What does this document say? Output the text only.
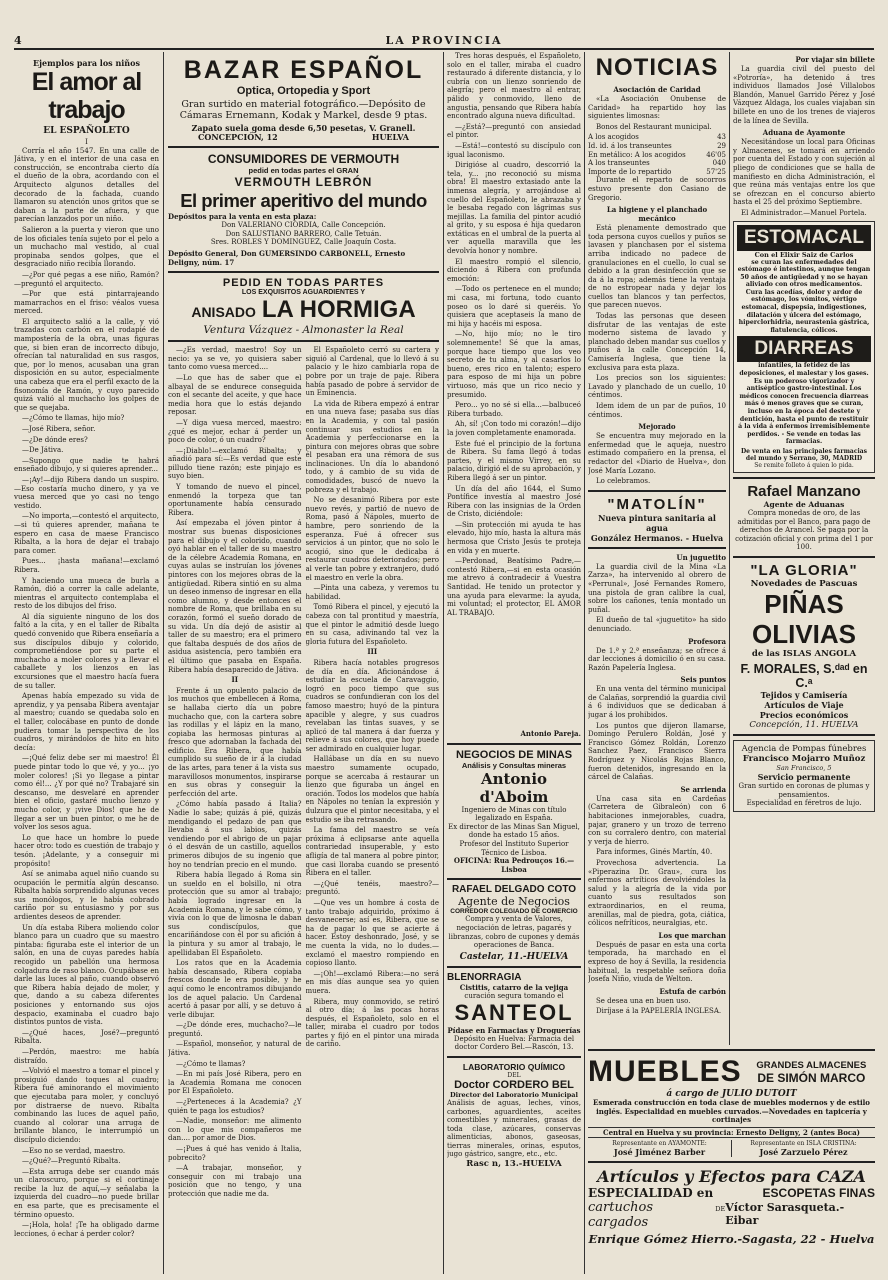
4	LA PROVINCIA
Ejemplos para los niños
El amor al trabajo
EL ESPAÑOLETO
I

Corría el año 1547. En una calle de Játiva, y en el interior de una casa en construcción, se encontraba cierto día el dueño de la obra, acordando con el Arquitecto algunos detalles del decorado de la fachada, cuando llamaron su atención unos gritos que se daban a la parte de afuera, y que parecían lanzados por un niño.

Salieron a la puerta y vieron que uno de los oficiales tenía sujeto por el pelo a un muchacho mal vestido, al cual propinaba sendos golpes, que el desgraciado niño recibía llorando.

—¿Por qué pegas a ese niño, Ramón? —preguntó el arquitecto.

—Por que está pintarrajeando mamarrachos en el friso: véalos vuesa merced.

El arquitecto salió a la calle, y vió trazadas con carbón en el rodapié de mampostería de la obra, unas figuras que, si bien eran de incorrecto dibujo, ofrecían tal naturalidad en sus rasgos, que, por lo menos, acusaban una gran disposición en su autor, especialmente una cabeza que era el perfil exacto de la fisonomía de Ramón, y cuyo parecido quizá valió al muchacho los golpes de que se quejaba.

—¿Cómo te llamas, hijo mío?

—José Ribera, señor.

—¿De dónde eres?

—De Játiva.

—Supongo que nadie te habrá enseñado dibujo, y si quieres aprender...

—¡Ay!—dijo Ribera dando un suspiro.—Eso costaría mucho dinero, y ya ve vuesa merced que yo casi no tengo vestido.

—No importa,—contestó el arquitecto,—si tú quieres aprender, mañana te espero en casa de maese Francisco Ribalta, a la hora de dejar el trabajo para comer.

Pues... ¡hasta mañana!—exclamó Ribera.

Y haciendo una mueca de burla a Ramón, dió a correr la calle adelante, mientras el arquitecto contemplaba el resto de los dibujos del friso.

Al día siguiente ninguno de los dos faltó a la cita, y en el taller de Ribalta quedó convenido que Ribera enseñaría a sus discípulos dibujo y colorido, comprometiéndose por su parte el muchacho a moler colores y a llevar el caballete y los lienzos en las excursiones que el maestro hacía fuera de su taller.

Apenas había empezado su vida de aprendiz, y ya pensaba Ribera aventajar al maestro; cuando se quedaba solo en el taller, colocábase en punto de donde pudiera tomar la perspectiva de los cuadros, y mirándolos de hito en hito decía:

—¡Qué feliz debe ser mi maestro! Él puede pintar todo lo que vé, y yo... ¡yo moler colores! ¡Si yo llegase a pintar como él!... ¿Y por qué no? Trabajaré sin descanso, me desvelaré en aprender bien el oficio, gastaré mucho lienzo y mucho color, y ¡vive Dios! que he de llegar a ser un buen pintor, o me he de volver los sesos agua.

Lo que hace un hombre lo puede hacer otro: todo es cuestión de trabajo y tesón. ¡Adelante, y a conseguir mi propósito!

Así se animaba aquel niño cuando su ocupación le permitía algún descanso. Ribalta había sorprendido algunas veces sus monólogos, y le había cobrado cariño por su entusiasmo y por sus ardientes deseos de aprender.

Un día estaba Ribera moliendo color blanco para un cuadro que su maestro pintaba: figuraba este el interior de un salón, en una de cuyas paredes había recogido un pabellón una hermosa colgadura de raso blanco. Ocupábase en darle las luces al paño, cuando observó que Ribera había dejado de moler, y que, dando a su cabeza diferentes posiciones y entornando sus ojos despacio, examinaba el cuadro bajo distintos puntos de vista.

—¿Qué haces, José?—preguntó Ribalta.

—Perdón, maestro: me había distraído.

—Volvió el maestro a tomar el pincel y prosiguió dando toques al cuadro; Ribera fué aminorando el movimiento que ejecutaba para moler, y concluyó por distraerse de nuevo. Ribalta combinando las luces de aquel paño, cuando al colorar una arruga de brillante blanco, le interrumpió un discípulo diciendo:

—Eso no se verdad, maestro.

—¿Qué?—Preguntó Ribalta.

—Esta arruga debe ser cuando más un claroscuro, porque si el cortinaje recibe la luz de aquí,—y señalaba la izquierda del cuadro—no puede brillar en esa parte, que es precisamente el término opuesto.

—¡Hola, hola! ¡Te ha obligado darme lecciones, ó echar á perder color?

BAZAR ESPAÑOL
Optica, Ortopedia y Sport
Gran surtido en material fotográfico.—Depósito de Cámaras Ernemann, Kodak y Markel, desde 9 ptas.
Zapato suela goma desde 6,50 pesetas, V. Granell.
CONCEPCIÓN, 12	HUELVA
CONSUMIDORES DE VERMOUTH
pedid en todas partes el GRAN
VERMOUTH LEBRÓN
El primer aperitivo del mundo
Depósitos para la venta en esta plaza:
Don VALERIANO CIORDIA, Calle Concepción.
Don SALUSTIANO BARRERO, Calle Tetuán.
Sres. ROBLES Y DOMINGUEZ, Calle Joaquín Costa.
Depósito General, Don GUMERSINDO CARBONELL, Ernesto Deligny, núm. 17
PEDID EN TODAS PARTES
LOS EXQUISITOS AGUARDIENTES Y
ANISADO LA HORMIGA
Ventura Vázquez - Almonaster la Real

—¿Es verdad, maestro! Soy un necio: ya se ve, yo quisiera saber tanto como vuesa merced....

—Lo que has de saber que el albayal de se endurece conseguida con el secante del aceite, y que hace media hora que lo estás dejando reposar.

—Y diga vuesa merced, maestro: ¿qué es mejor, echar á perder un poco de color, ó un cuadro?

—¡Diablo!—exclamó Ribalta; y añadió para sí:—Es verdad que este pilludo tiene razón; este pinjajo es suyo bien.

Y tomando de nuevo el pincel, enmendó la torpeza que tan oportunamente había censurado Ribera.

Así empezaba el jóven pintor á mostrar sus buenas disposiciones para el dibujo y el colorido, cuando oyó hablar en el taller de su maestro de la célebre Academia Romana, en cuyas aulas se instruían los jóvenes pintores con los mejores obras de la antigüedad. Ribera sintió en su alma un deseo inmenso de ingresar en ella como alumno, y desde entonces el nombre de Roma, que brillaba en su corazón, formó el sueño dorado de su vida. Un día dejó de asistir al taller de su maestro; era el primero que faltaba después de dos años de asidua asistencia, pero también era el último que pasaba en España. Ribera había desaparecido de Játiva.

II

Frente á un opulento palacio de los muchos que embellecen á Roma, se hallaba cierto día un pobre muchacho que, con la cartera sobre las rodillas y el lápiz en la mano, copiaba las hermosas pinturas al fresco que adornaban la fachada del edificio. Era Ribera, que había cumplido su sueño de ir á la ciudad de las artes, para tener á la vista sus maravillosos monumentos, inspirarse en sus obras y conseguir la perfección del arte.

¿Cómo había pasado á Italia? Nadie lo sabe; quizás á pié, quizás mendigando el pedazo de pan que llevaba á sus labios, quizás vendiendo por el abrigo de un pajar ó el desván de un castillo, aquellos primeros dibujos de su ingenio que hoy no tendrían precio en el mundo.

Ribera había llegado á Roma sin un sueldo en el bolsillo, ni otra protección que su amor al trabajo; había logrado ingresar en la Academia Romana, y le sabe cómo, y vivía con lo que de limosna le daban sus condiscípulos, que encariñándose con él por su afición á la pintura y su amor al trabajo, le apellidaban El Españoleto.

Los ratos que en la Academia había descansado, Ribera copiaba frescos donde le era posible, y he aquí como le encontramos dibujando los de aquel palacio. Un Cardenal acertó á pasar por allí, y se detuvo á verle dibujar.

—¿De dónde eres, muchacho?—le preguntó.

—Español, monseñor, y natural de Játiva.

—¿Cómo te llamas?

—En mi país José Ribera, pero en la Academia Romana me conocen por El Españoleto.

—¿Perteneces á la Academia? ¿Y quién te paga los estudios?

—Nadie, monseñor: me alimento con lo que mis compañeros me dan.... por amor de Dios.

—¡Pues á qué has venido á Italia, pobrecito?

—A trabajar, monseñor, y conseguir con mi trabajo una posición que no tengo, y una protección que nadie me da.

El Españoleto cerró su cartera y siguió al Cardenal, que lo llevó á su palacio y le hizo cambiarla ropa de pobre por un traje de paje. Ribera había pasado de pobre á servidor de un Eminencia.

La vida de Ribera empezó á entrar en una nueva fase; pasaba sus días en la Academia, y con tal pasión continuar sus estudios en la Academia y perfeccionarse en la pintura con mejores obras que sobre él pesaban era una rémora de sus inclinaciones. Un día lo abandonó todo, y á cambio de su vida de comodidades, buscó de nuevo la pobreza y el trabajo.

No se desanimó Ribera por este nuevo revés, y partió de nuevo de Roma, pasó á Nápoles, muerto de hambre, pero sonriendo de la esperanza. Fué á ofrecer sus servicios á un pintor, que no solo le acogió, sino que le dedicaba á restaurar cuadros deteriorados; pero al verle tan pobre y extranjero, dudó el maestro en verle la obra.

—Pinta una cabeza, y veremos tu habilidad.

Tomó Ribera el pincel, y ejecutó la cabeza con tal prontitud y maestría, que el pintor le admitió desde luego en su casa, adivinando tal vez la gloria futura del Españoleto.

III

Ribera hacía notables progresos de día en día. Aficionándose á estudiar la escuela de Caravaggio, logró en poco tiempo que sus cuadros se confundieran con los del famoso maestro; huyó de la pintura apacible y alegre, y sus cuadros revelaban las tintas suaves, y se aplicó de tal manera á dar fuerza y relieve á sus colores, que hoy puede ser admirado en cualquier lugar.

Hallábase un día en su nuevo maestro sumamente ocupado, porque se acercaba á restaurar un lienzo que figuraba un ángel en oración. Todos los modelos que había en Nápoles no tenían la expresión y dulzura que el pintor necesitaba, y el estudio se iba retrasando.

La fama del maestro se veía próxima á eclipsarse ante aquella contrariedad insuperable, y esto afligía de tal manera al pobre pintor, que casi lloraba cuando se presentó Ribera en el taller.

—¿Qué tenéis, maestro?—preguntó.

—Que ves un hombre á costa de tanto trabajo adquirido, próximo á desvanecerse; así es, Ribera, que se ha de pagar lo que se acierte á hacer. Estoy deshonrado, José, y se me cuenta la vida, no lo dudes.—exclamó el maestro rompiendo en copioso llanto.

—¡Oh!—exclamó Ribera:—no será en mis días aunque sea yo quien muera.

Ribera, muy conmovido, se retiró al otro día; á las pocas horas después, el Españoleto, solo en el taller, miraba el cuadro por todos partes y fijó en el pintor una mirada de cariño.

Tres horas después, el Españoleto, solo en el taller, miraba el cuadro restaurado á diferente distancia, y lo cubría con un lienzo sonriendo de alegría; pero el maestro al entrar, pálido y conmovido, lleno de angustia, pensando que Ribera había encontrado alguna nueva dificultad.

—¿Está?—preguntó con ansiedad el pintor.

—Está!—contestó su discípulo con igual laconismo.

Dirigióse al cuadro, descorrió la tela, y... ¡no reconoció su misma obra! El maestro extasiado ante la inmensa alegría, y arrojándose al cuello del Españoleto, le abrazaba y le besaba regado con lágrimas sus mejillas. La familia del pintor acudió al grito, y su esposa é hija quedaron extáticas en el umbral de la puerta al ver aquella maravilla que les devolvía honor y nombre.

El maestro rompió el silencio, diciendo á Ribera con profunda emoción:

—Todo os pertenece en el mundo; mi casa, mi fortuna, todo cuanto poseo os lo daré si queréis. Yo quisiera que aceptaseis la mano de mi hija y hacéis mi esposa.

—No, hijo mío; no le tiro solemnemente! Sé que la amas, porque hace tiempo que los veo secreto de tu alma, y al casarlos lo bueno, eres rico en talento; espero para esposo de mi hija un pobre virtuoso, más que un rico necio y presumido.

Pero... yo no sé si ella...—balbuceó Ribera turbado.

Ah, sí! ¡Con todo mi corazón!—dijo la joven completamente enamorada.

Este fué el principio de la fortuna de Ribera. Su fama llegó á todas partes, y el mismo Virrey, en su palacio, dirigió el de su aprobación, y Ribera llegó á ser un pintor.

Un día del año 1644, el Sumo Pontífice investía al maestro José Ribera con las insignias de la Orden de Cristo, diciéndole:

—Sin protección mi ayuda te has elevado, hijo mío, hasta la altura más hermosa que Cristo Jesús te proteja en vida y en muerte.

—Perdonad, Beatísimo Padre,—contestó Ribera,—si en esta ocasión me atrevo á contradecir á Vuestra Santidad. He tenido un protector y una ayuda para elevarme: la ayuda, mi voluntad; el protector, EL AMOR AL TRABAJO.

Antonio Pareja.
NEGOCIOS DE MINAS
Análisis y Consultas mineras
Antonio d'Aboim
Ingeniero de Minas con título legalizado en España.
Ex director de las Minas San Miguel, donde ha estado 15 años.
Profesor del Instituto Superior Técnico de Lisboa.
OFICINA: Rua Pedrouços 16.—Lisboa
RAFAEL DELGADO COTO
Agente de Negocios
CORREDOR COLEGIADO DE COMERCIO
Compra y venta de Valores, negociación de letras, pagarés y libranzas, cobro de cupones y demás operaciones de Banca.
Castelar, 11.-HUELVA
BLENORRAGIA
Cistitis, catarro de la vejiga
curación segura tomando el
SANTEOL
Pídase en Farmacias y Droguerías
Depósito en Huelva: Farmacia del doctor Cordero Bel.—Rascón, 13.
LABORATORIO QUÍMICO
DEL
Doctor CORDERO BEL
Director del Laboratorio Municipal
Análisis de aguas, leches, vinos, carbones, aguardientes, aceites comestibles y minerales, grasas de toda clase, azúcares, conservas alimenticias, abonos, gaseosas, tierras minerales, orinas, esputos, jugo gástrico, sangre, etc., etc.
Rasc n, 13.-HUELVA
NOTICIAS
Asociación de Caridad

«La Asociación Onubense de Caridad» ha repartido hoy las siguientes limosnas:

Bonos del Restaurant municipal.

A los acogidos	43
Id. id. á los transeuntes	29
En metálico: A los acogidos	46'05
A los transeuntes	040
Importe de lo repartido	57'25

Durante el reparto de socorros estuvo presente don Casiano de Gregorio.

La higiene y el planchado mecánico

Está plenamente demostrado que toda persona cuyos cuellos y puños se lavasen y planchasen por el sistema arriba indicado no padece de granulaciones en el cuello, lo cual se debido a la gran desinfección que se da á la ropa; además tiene la ventaja de no estropear nada y dejar los cuellos tan blancos y tan perfectos, que parecen nuevos.

Todas las personas que deseen disfrutar de las ventajas de este moderno sistema de lavado y planchado deben mandar sus cuellos y puños á la calle Concepción 14, Camisería Inglesa, que tiene la exclusiva para esta plaza.

Los precios son los siguientes: Lavado y planchado de un cuello, 10 céntimos.

Idem idem de un par de puños, 10 céntimos.

Mejorado

Se encuentra muy mejorado en la enfermedad que le aqueja, nuestro estimado compañero en la prensa, el redactor del «Diario de Huelva», don José María Lozano.

Lo celebramos.

"MATOLÍN"
Nueva pintura sanitaria al agua
González Hermanos. - Huelva
Un juguetito

La guardia civil de la Mina «La Zarza», ha intervenido al obrero de «Perrunal», José Fernandes Romero, una pistola de gran calibre la cual, sobre los cañones, tenía montado un puñal.

El dueño de tal «juguetito» ha sido denunciado.

Profesora

De 1.ª y 2.ª enseñanza; se ofrece á dar lecciones á domicilio ó en su casa. Razón Papelería Inglesa.

Seis puntos

En una venta del término municipal de Calañas, sorprendió la guardia civil á 6 individuos que se dedicaban á jugar á los prohibidos.

Los puntos que dijeron llamarse, Domingo Perulero Roldán, José y Francisco Gómez Roldán, Lorenzo Sanchez Paez, Francisco Sierra Rodríguez y Nicolás Rojas Blanco, fueron detenidos, ingresando en la cárcel de Calañas.

Se arrienda

Una casa sita en Cardeñas (Carretera de Gibraleón) con 6 habitaciones inmejorables, cuadra, pajar, granero y un trozo de terreno con su corralero dentro, con material y verja de hierro.

Para informes, Ginés Martín, 40.

Provechosa advertencia. La «Piperazina Dr. Grau», cura los enfermos artríticos devolviéndoles la salud y la alegría de la vida por cuanto sus resultados son extraordinarios, en el reuma, arenillas, mal de piedra, gota, ciática, cólicos nefríticos, neuralgias, etc.

Los que marchan

Después de pasar en esta una corta temporada, ha marchado en el expreso de hoy á Sevilla, la residencia habitual, la respetable señora doña Josefa Niño, viuda de Welton.

Estufa de carbón

Se desea una en buen uso.

Diríjase á la PAPELERÍA INGLESA.

Por viajar sin billete

La guardia civil del puesto del «Potroría», ha detenido á tres individuos llamados José Villalobos Blandón, Manuel Garrido Pérez y José Vázquez Aldaga, los cuales viajaban sin billete en uno de los trenes de viajeros de la línea de Sevilla.

Aduana de Ayamonte

Necesitándose un local para Oficinas y Almacenes, se tomará en arriendo por cuenta del Estado y con sujeción al pliego de condiciones que se halla de manifiesto en dicha Administración, el que reúna más ventajas entre los que se ofrezcan en el concurso abierto hasta el 25 del próximo Septiembre.

El Administrador.—Manuel Portela.

ESTOMACAL
Con el Elixir Saiz de Carlos
se curan las enfermedades del estómago é intestinos, aunque tengan 50 años de antigüedad y no se hayan aliviado con otros medicamentos. Cura las acedías, dolor y ardor de estómago, los vómitos, vértigo estomacal, dispepsia, indigestiones, dilatación y úlcera del estómago, hiperclorhidria, neurastenia gástrica, flatulencia, cólicos.
DIARREAS
infantiles, la fetidez de las deposiciones, el malestar y los gases. Es un poderoso vigorizador y antiséptico gastro-intestinal. Los médicos conocen frecuencia diarreas más ó menos graves que se curan, incluso en la época del destete y dentición, hasta el punto de restituir á la vida á enfermos irremisiblemente perdidos. - Se vende en todas las farmacias.
De venta en las principales farmacias del mundo y Serrano, 30, MADRID
Se remite folleto á quien lo pida.
Rafael Manzano
Agente de Aduanas
Compra monedas de oro, de las admitidas por el Banco, para pago de derechos de Arancel. Se paga por la cotización oficial y con prima del 1 por 100.
"LA GLORIA"
Novedades de Pascuas
PIÑAS OLIVIAS
de las ISLAS ANGOLA
F. MORALES, S.ᵈᵃᵈ en C.ᵃ
Tejidos y Camisería
Artículos de Viaje
Precios económicos
Concepción, 11. HUELVA
Agencia de Pompas fúnebres
Francisco Mojarro Muñoz
San Francisco, 5
Servicio permanente
Gran surtido en coronas de plumas y pensamientos.
Especialidad en féretros de lujo.
MUEBLES	GRANDES ALMACENES
DE SIMÓN MARCO
á cargo de JULIO DUTOIT
Esmerada construcción en toda clase de muebles modernos y de estilo inglés. Especialidad en muebles curvados.—Novedades en tapicería y cortinajes
Central en Huelva y su provincia: Ernesto Deligny, 2 (antes Boca)
Representante en AYAMONTE:
José Jiménez Barber
Representante en ISLA CRISTINA:
José Zarzuelo Pérez
Artículos y Efectos para CAZA
ESPECIALIDAD en	ESCOPETAS FINAS
cartuchos cargados
DE Víctor Sarasqueta.-Eibar
Enrique Gómez Hierro.-Sagasta, 22 - Huelva
